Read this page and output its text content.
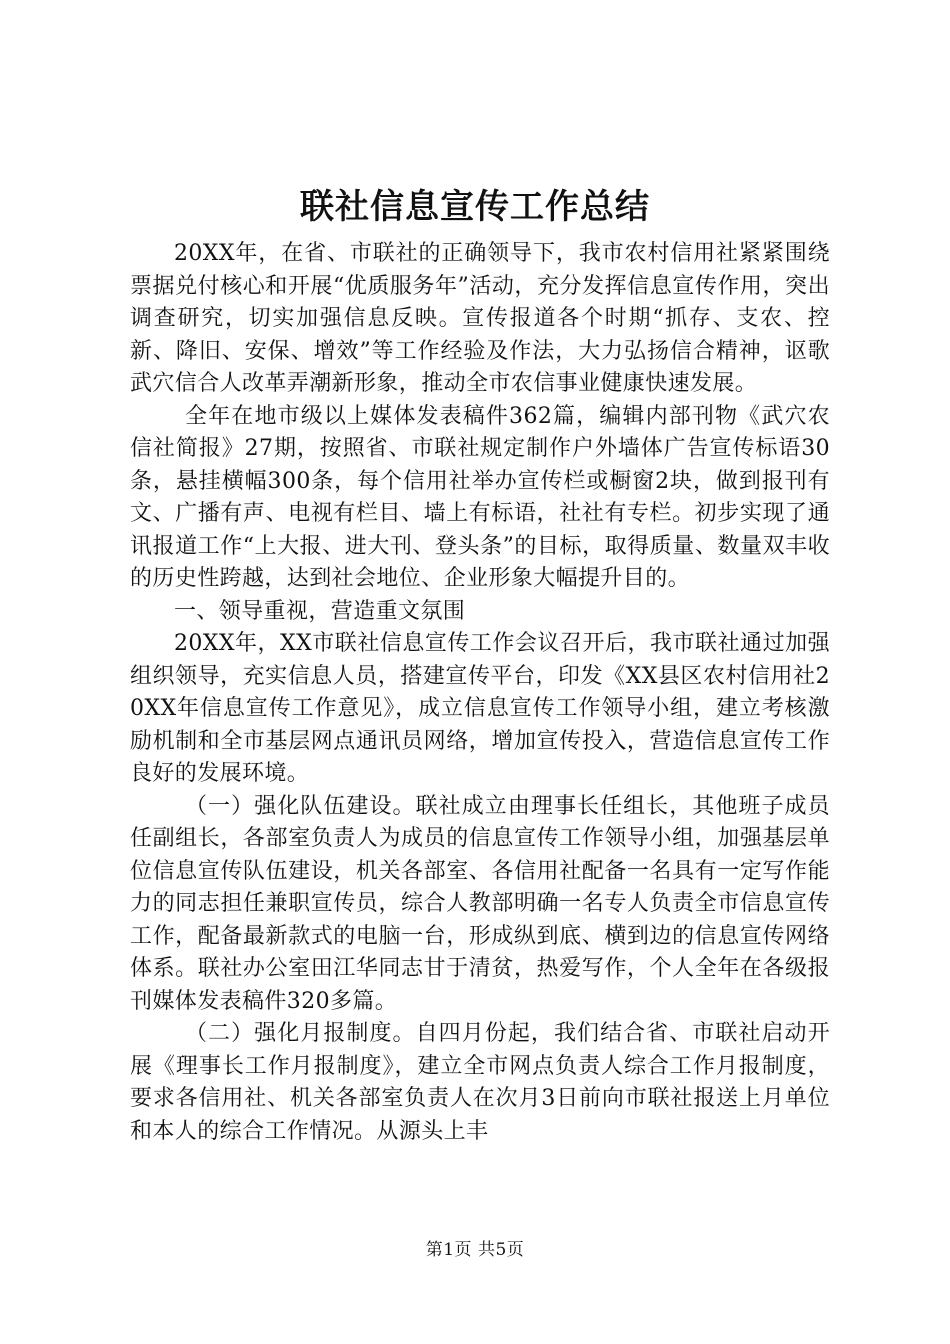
联社信息宣传工作总结

20XX年，在省、市联社的正确领导下，我市农村信用社紧紧围绕票据兑付核心和开展“优质服务年”活动，充分发挥信息宣传作用，突出调查研究，切实加强信息反映。宣传报道各个时期“抓存、支农、控新、降旧、安保、增效”等工作经验及作法，大力弘扬信合精神，讴歌武穴信合人改革弄潮新形象，推动全市农信事业健康快速发展。

全年在地市级以上媒体发表稿件362篇，编辑内部刊物《武穴农信社简报》27期，按照省、市联社规定制作户外墙体广告宣传标语30条，悬挂横幅300条，每个信用社举办宣传栏或橱窗2块，做到报刊有文、广播有声、电视有栏目、墙上有标语，社社有专栏。初步实现了通讯报道工作“上大报、进大刊、登头条”的目标，取得质量、数量双丰收的历史性跨越，达到社会地位、企业形象大幅提升目的。

一、领导重视，营造重文氛围

20XX年，XX市联社信息宣传工作会议召开后，我市联社通过加强组织领导，充实信息人员，搭建宣传平台，印发《XX县区农村信用社20XX年信息宣传工作意见》，成立信息宣传工作领导小组，建立考核激励机制和全市基层网点通讯员网络，增加宣传投入，营造信息宣传工作良好的发展环境。

（一）强化队伍建设。联社成立由理事长任组长，其他班子成员任副组长，各部室负责人为成员的信息宣传工作领导小组，加强基层单位信息宣传队伍建设，机关各部室、各信用社配备一名具有一定写作能力的同志担任兼职宣传员，综合人教部明确一名专人负责全市信息宣传工作，配备最新款式的电脑一台，形成纵到底、横到边的信息宣传网络体系。联社办公室田江华同志甘于清贫，热爱写作，个人全年在各级报刊媒体发表稿件320多篇。

（二）强化月报制度。自四月份起，我们结合省、市联社启动开展《理事长工作月报制度》，建立全市网点负责人综合工作月报制度，要求各信用社、机关各部室负责人在次月3日前向市联社报送上月单位和本人的综合工作情况。从源头上丰

第1页 共5页
